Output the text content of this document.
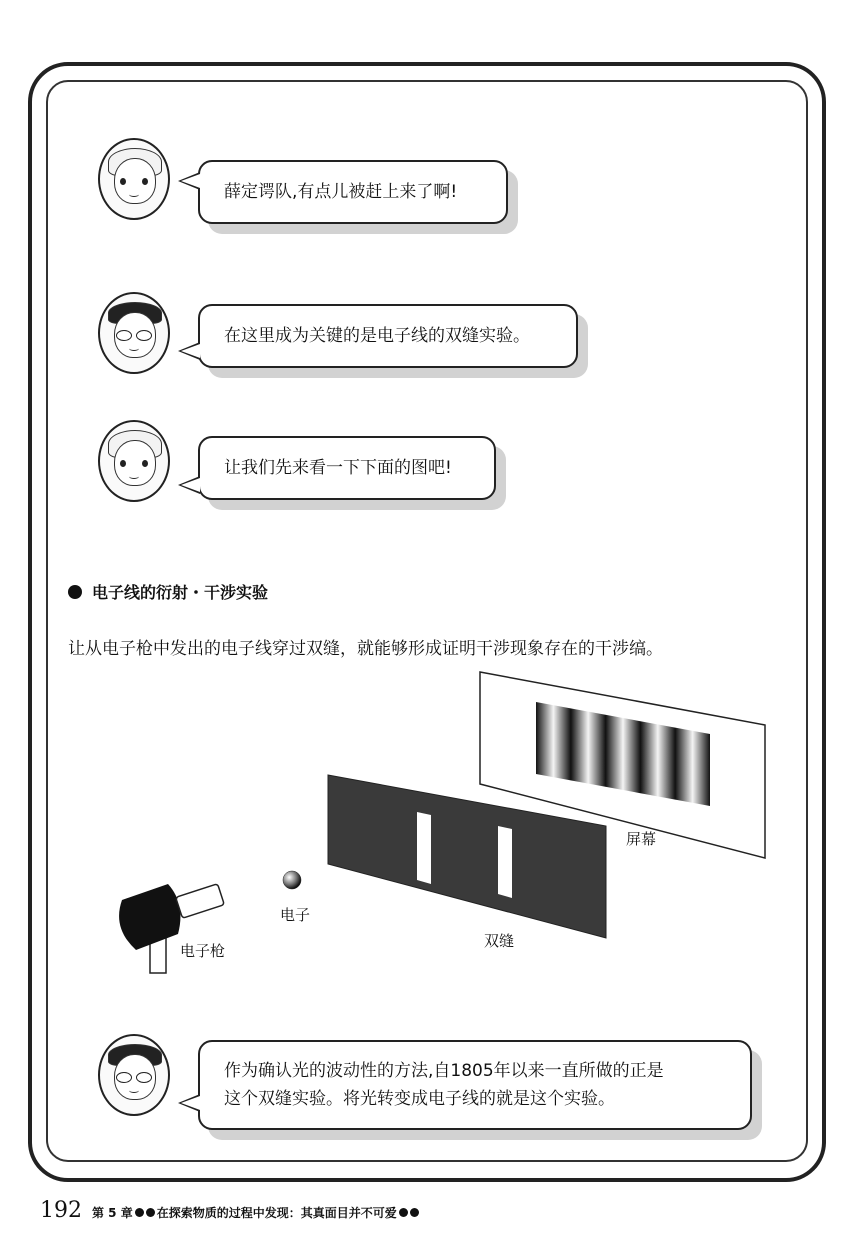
薛定谔队,有点儿被赶上来了啊!
在这里成为关键的是电子线的双缝实验。
让我们先来看一下下面的图吧!
电子线的衍射・干涉实验
让从电子枪中发出的电子线穿过双缝，就能够形成证明干涉现象存在的干涉缟。
屏幕
双缝
电子
电子枪
作为确认光的波动性的方法,自1805年以来一直所做的正是
这个双缝实验。将光转变成电子线的就是这个实验。
192 第 5 章 在探索物质的过程中发现：其真面目并不可爱
